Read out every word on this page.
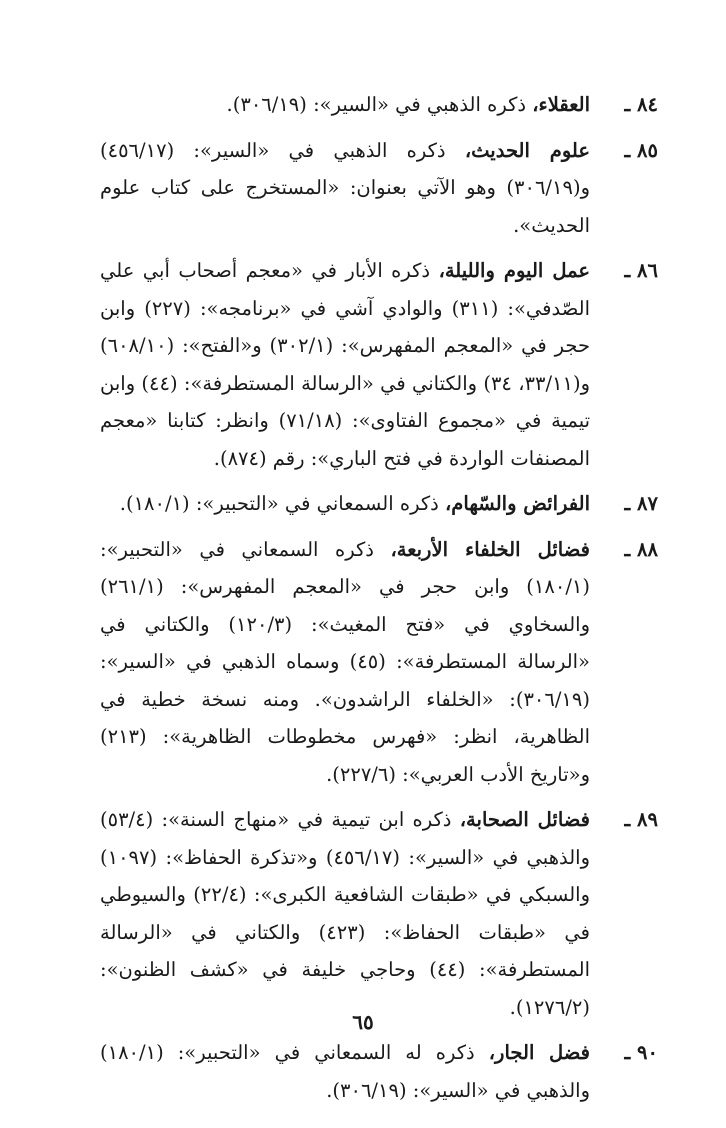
٨٤ ـ
العقلاء، ذكره الذهبي في «السير»: (٣٠٦/١٩).
٨٥ ـ
علوم الحديث، ذكره الذهبي في «السير»: (٤٥٦/١٧) و(٣٠٦/١٩) وهو الآتي بعنوان: «المستخرج على كتاب علوم الحديث».
٨٦ ـ
عمل اليوم والليلة، ذكره الأبار في «معجم أصحاب أبي علي الصّدفي»: (٣١١) والوادي آشي في «برنامجه»: (٢٢٧) وابن حجر في «المعجم المفهرس»: (٣٠٢/١) و«الفتح»: (٦٠٨/١٠) و(٣٣/١١، ٣٤) والكتاني في «الرسالة المستطرفة»: (٤٤) وابن تيمية في «مجموع الفتاوى»: (٧١/١٨) وانظر: كتابنا «معجم المصنفات الواردة في فتح الباري»: رقم (٨٧٤).
٨٧ ـ
الفرائض والسّهام، ذكره السمعاني في «التحبير»: (١٨٠/١).
٨٨ ـ
فضائل الخلفاء الأربعة، ذكره السمعاني في «التحبير»: (١٨٠/١) وابن حجر في «المعجم المفهرس»: (٢٦١/١) والسخاوي في «فتح المغيث»: (١٢٠/٣) والكتاني في «الرسالة المستطرفة»: (٤٥) وسماه الذهبي في «السير»: (٣٠٦/١٩): «الخلفاء الراشدون». ومنه نسخة خطية في الظاهرية، انظر: «فهرس مخطوطات الظاهرية»: (٢١٣) و«تاريخ الأدب العربي»: (٢٢٧/٦).
٨٩ ـ
فضائل الصحابة، ذكره ابن تيمية في «منهاج السنة»: (٥٣/٤) والذهبي في «السير»: (٤٥٦/١٧) و«تذكرة الحفاظ»: (١٠٩٧) والسبكي في «طبقات الشافعية الكبرى»: (٢٢/٤) والسيوطي في «طبقات الحفاظ»: (٤٢٣) والكتاني في «الرسالة المستطرفة»: (٤٤) وحاجي خليفة في «كشف الظنون»: (١٢٧٦/٢).
٩٠ ـ
فضل الجار، ذكره له السمعاني في «التحبير»: (١٨٠/١) والذهبي في «السير»: (٣٠٦/١٩).
٦٥
